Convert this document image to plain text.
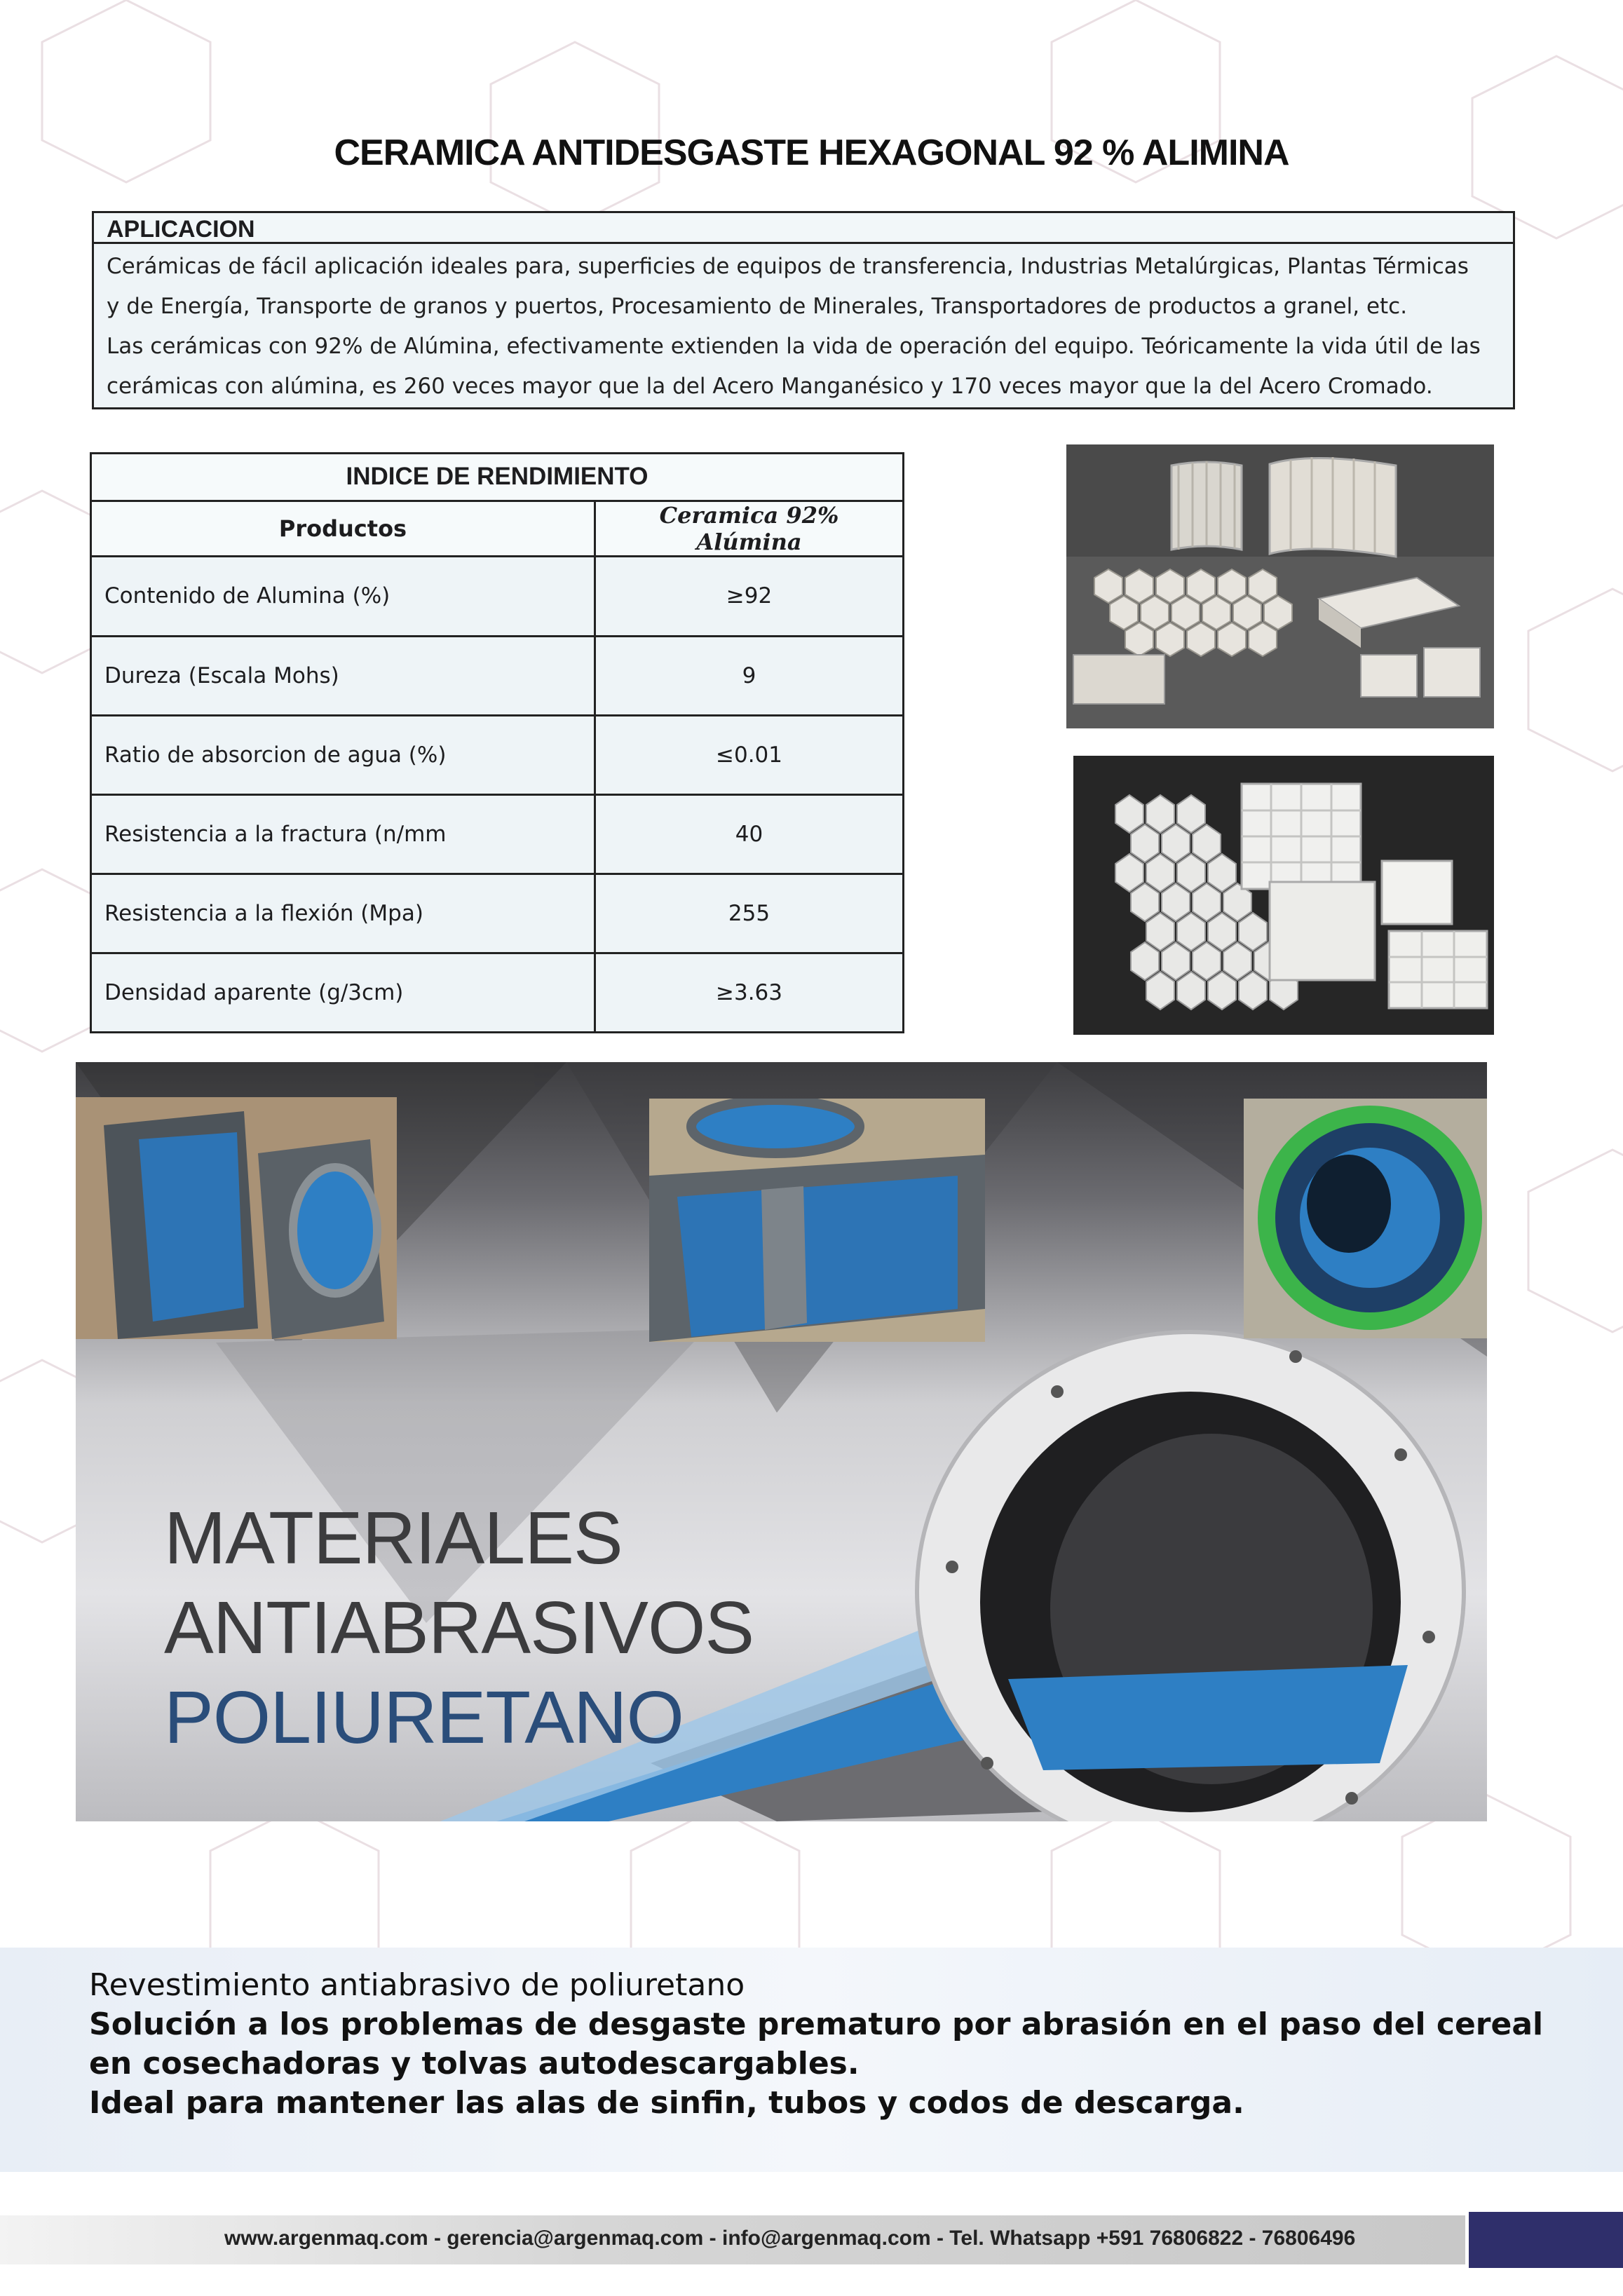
CERAMICA ANTIDESGASTE HEXAGONAL 92 % ALIMINA
APLICACION
Cerámicas de fácil aplicación ideales para, superficies de equipos de transferencia, Industrias Metalúrgicas, Plantas Térmicas
y de Energía, Transporte de granos y puertos, Procesamiento de Minerales, Transportadores de productos a granel, etc.
Las cerámicas con 92% de Alúmina, efectivamente extienden la vida de operación del equipo. Teóricamente la vida útil de las
cerámicas con alúmina, es 260 veces mayor que la del Acero Manganésico y 170 veces mayor que la del Acero Cromado.
INDICE DE RENDIMIENTO	
Productos	Ceramica 92% Alúmina
Contenido de Alumina (%)	≥92
Dureza (Escala Mohs)	9
Ratio de absorcion de agua (%)	≤0.01
Resistencia a la fractura (n/mm	40
Resistencia a la flexión (Mpa)	255
Densidad aparente (g/3cm)	≥3.63
MATERIALES
ANTIABRASIVOS
POLIURETANO
Revestimiento antiabrasivo de poliuretano
Solución a los problemas de desgaste prematuro por abrasión en el paso del cereal
en cosechadoras y tolvas autodescargables.
Ideal para mantener las alas de sinfin, tubos y codos de descarga.
www.argenmaq.com - gerencia@argenmaq.com - info@argenmaq.com - Tel. Whatsapp +591 76806822 - 76806496
